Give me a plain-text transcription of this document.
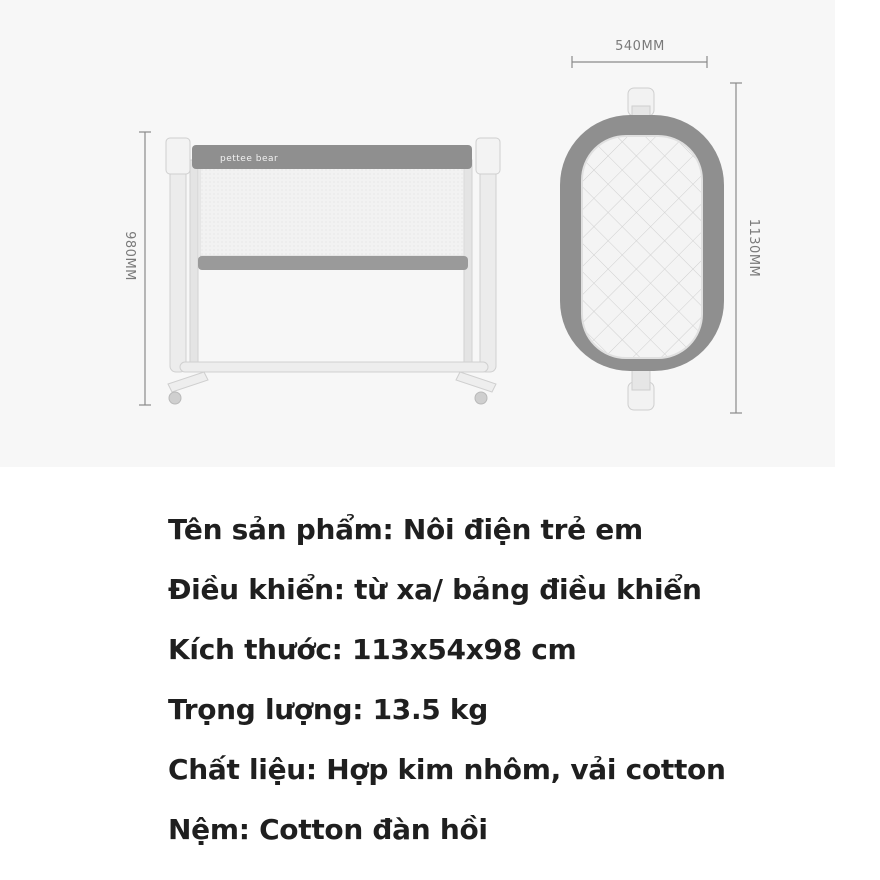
980MM
pettee bear
540MM
1130MM
Tên sản phẩm: Nôi điện trẻ em
Điều khiển: từ xa/ bảng điều khiển
Kích thước: 113x54x98 cm
Trọng lượng: 13.5 kg
Chất liệu: Hợp kim nhôm, vải cotton
Nệm: Cotton đàn hồi
